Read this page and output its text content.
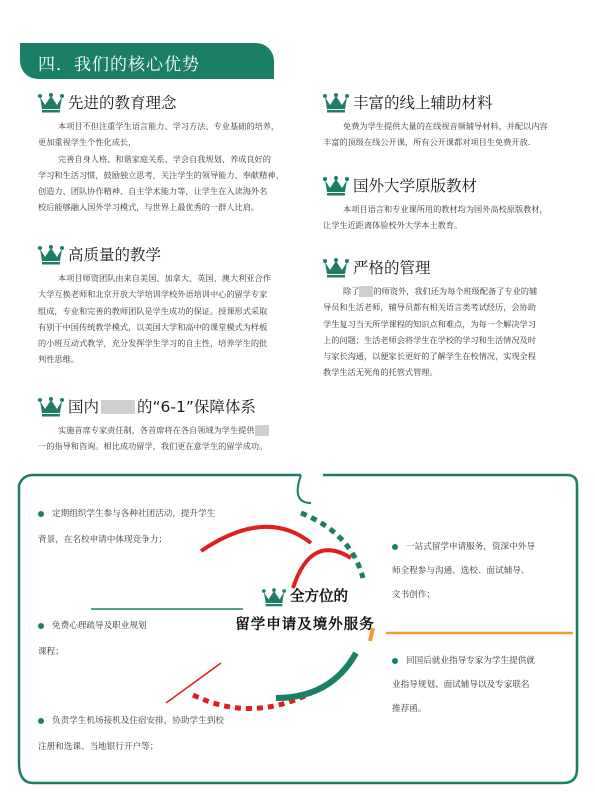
四．我们的核心优势
先进的教育理念

本项目不但注重学生语言能力、学习方法、专业基础的培养，

更加重视学生个性化成长，

完善自身人格、和谐家庭关系、学会自我规划、养成良好的

学习和生活习惯，鼓励独立思考，关注学生的领导能力、奉献精神、

创造力、团队协作精神、自主学术能力等，让学生在入读海外名

校后能够融入国外学习模式，与世界上最优秀的一群人比肩。

高质量的教学

本项目师资团队由来自美国、加拿大、英国、澳大利亚合作

大学互换老师和北京开放大学培训学校外语培训中心的留学专家

组成，专业和完善的教师团队是学生成功的保证。授课形式采取

有别于中国传统教学模式，以美国大学和高中的课堂模式为样板

的小班互动式教学，充分发挥学生学习的自主性，培养学生的批

判性思维。

国内 的“6-1”保障体系

实施首席专家责任制，各首席将在各自领域为学生提供

一的指导和咨询。相比成功留学，我们更在意学生的留学成功。

丰富的线上辅助材料

免费为学生提供大量的在线视音频辅导材料，并配以内容

丰富的顶级在线公开课，所有公开课都对项目生免费开放.

国外大学原版教材

本项目语言和专业课所用的教材均为国外高校原版教材，

让学生近距离体验校外大学本土教育。

严格的管理

除了 的师资外，我们还为每个班级配备了专业的辅

导员和生活老师，辅导员都有相关语言类考试经历，会协助

学生复习当天所学课程的知识点和难点，为每一个解决学习

上的问题；生活老师会将学生在学校的学习和生活情况及时

与家长沟通，以便家长更好的了解学生在校情况，实现全程

教学生活无死角的托管式管理。

全方位的
留学申请及境外服务
定期组织学生参与各种社团活动，提升学生
背景，在名校申请中体现竞争力；
免费心理疏导及职业规划
课程；
负责学生机场接机及住宿安排，协助学生到校
注册和选课、当地银行开户等；
一站式留学申请服务，资深中外导
师全程参与沟通、选校、面试辅导、
文书创作；
回国后就业指导专家为学生提供就
业指导规划、面试辅导以及专家联名
推荐函。
